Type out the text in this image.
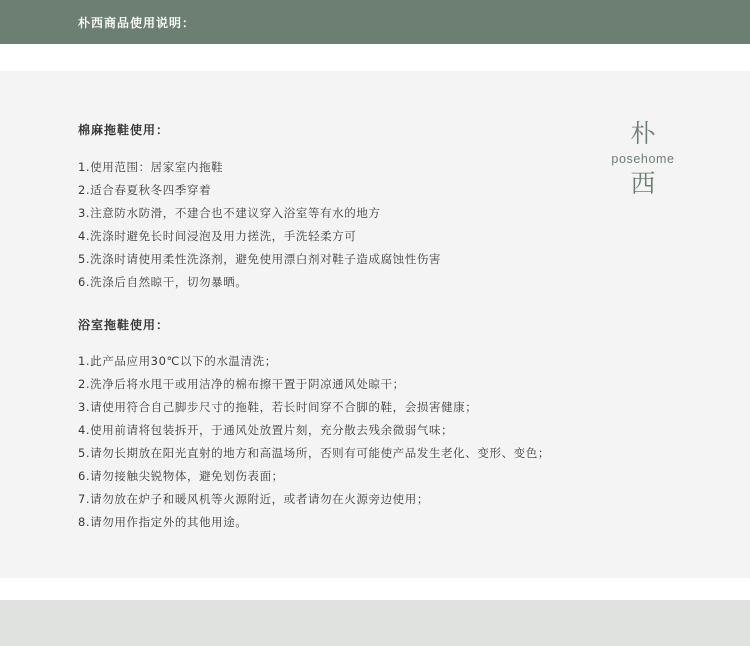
朴西商品使用说明：
棉麻拖鞋使用：
1.使用范围：居家室内拖鞋
2.适合春夏秋冬四季穿着
3.注意防水防滑，不建合也不建议穿入浴室等有水的地方
4.洗涤时避免长时间浸泡及用力搓洗，手洗轻柔方可
5.洗涤时请使用柔性洗涤剂，避免使用漂白剂对鞋子造成腐蚀性伤害
6.洗涤后自然晾干，切勿暴晒。
朴
posehome
西
浴室拖鞋使用：
1.此产品应用30℃以下的水温清洗；
2.洗净后将水甩干或用洁净的棉布擦干置于阴凉通风处晾干；
3.请使用符合自己脚步尺寸的拖鞋，若长时间穿不合脚的鞋，会损害健康；
4.使用前请将包装拆开，于通风处放置片刻，充分散去残余微弱气味；
5.请勿长期放在阳光直射的地方和高温场所，否则有可能使产品发生老化、变形、变色；
6.请勿接触尖锐物体，避免划伤表面；
7.请勿放在炉子和暖风机等火源附近，或者请勿在火源旁边使用；
8.请勿用作指定外的其他用途。
